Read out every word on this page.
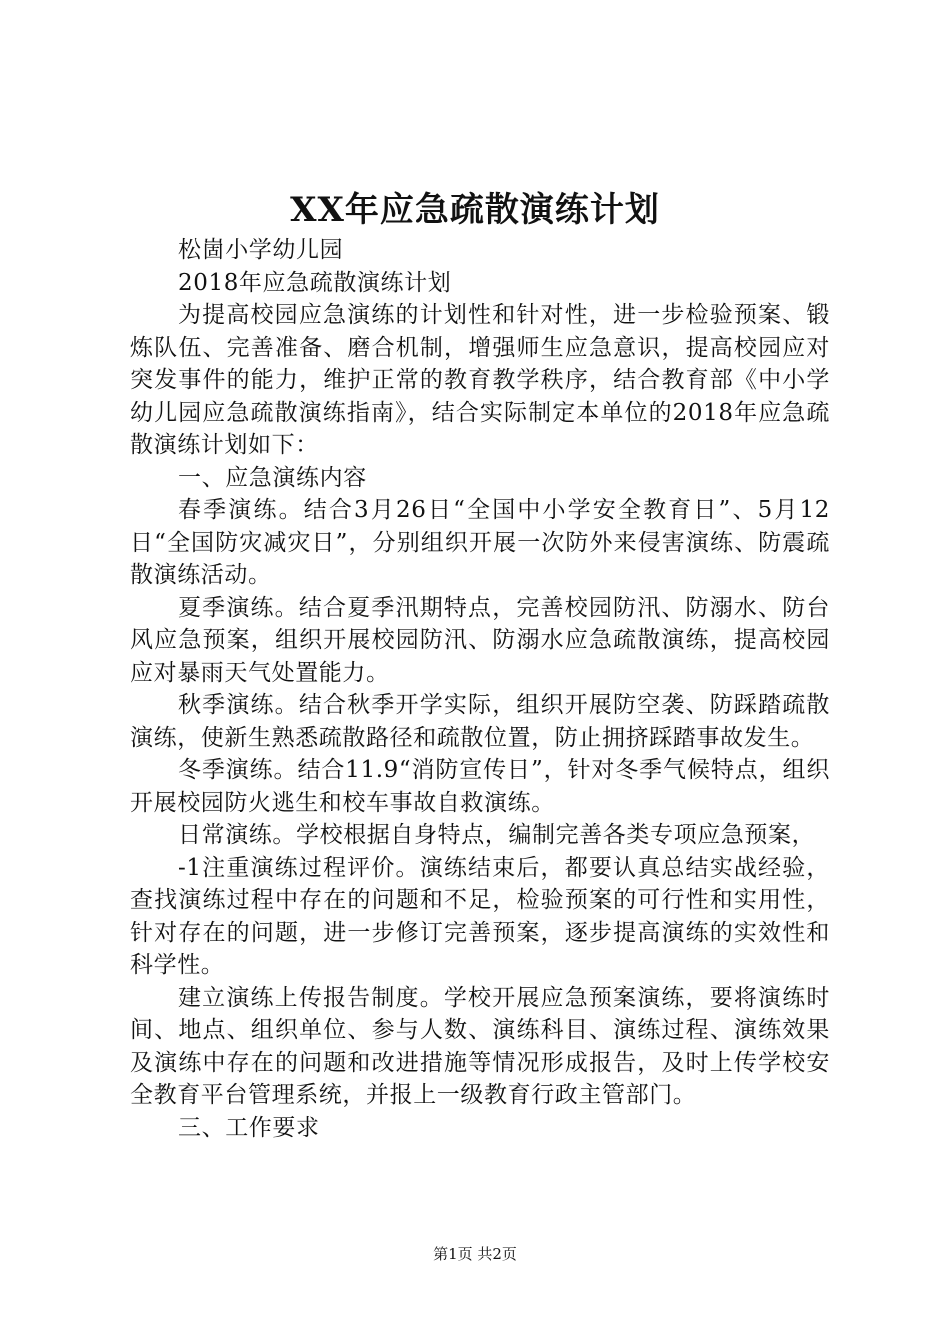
XX年应急疏散演练计划

松崮小学幼儿园

2018年应急疏散演练计划

为提高校园应急演练的计划性和针对性，进一步检验预案、锻炼队伍、完善准备、磨合机制，增强师生应急意识，提高校园应对突发事件的能力，维护正常的教育教学秩序，结合教育部《中小学幼儿园应急疏散演练指南》，结合实际制定本单位的2018年应急疏散演练计划如下：

一、应急演练内容

春季演练。结合3月26日“全国中小学安全教育日”、5月12日“全国防灾减灾日”，分别组织开展一次防外来侵害演练、防震疏散演练活动。

夏季演练。结合夏季汛期特点，完善校园防汛、防溺水、防台风应急预案，组织开展校园防汛、防溺水应急疏散演练，提高校园应对暴雨天气处置能力。

秋季演练。结合秋季开学实际，组织开展防空袭、防踩踏疏散演练，使新生熟悉疏散路径和疏散位置，防止拥挤踩踏事故发生。

冬季演练。结合11.9“消防宣传日”，针对冬季气候特点，组织开展校园防火逃生和校车事故自救演练。

日常演练。学校根据自身特点，编制完善各类专项应急预案，

-1注重演练过程评价。演练结束后，都要认真总结实战经验，查找演练过程中存在的问题和不足，检验预案的可行性和实用性，针对存在的问题，进一步修订完善预案，逐步提高演练的实效性和科学性。

建立演练上传报告制度。学校开展应急预案演练，要将演练时间、地点、组织单位、参与人数、演练科目、演练过程、演练效果及演练中存在的问题和改进措施等情况形成报告，及时上传学校安全教育平台管理系统，并报上一级教育行政主管部门。

三、工作要求

第1页 共2页
